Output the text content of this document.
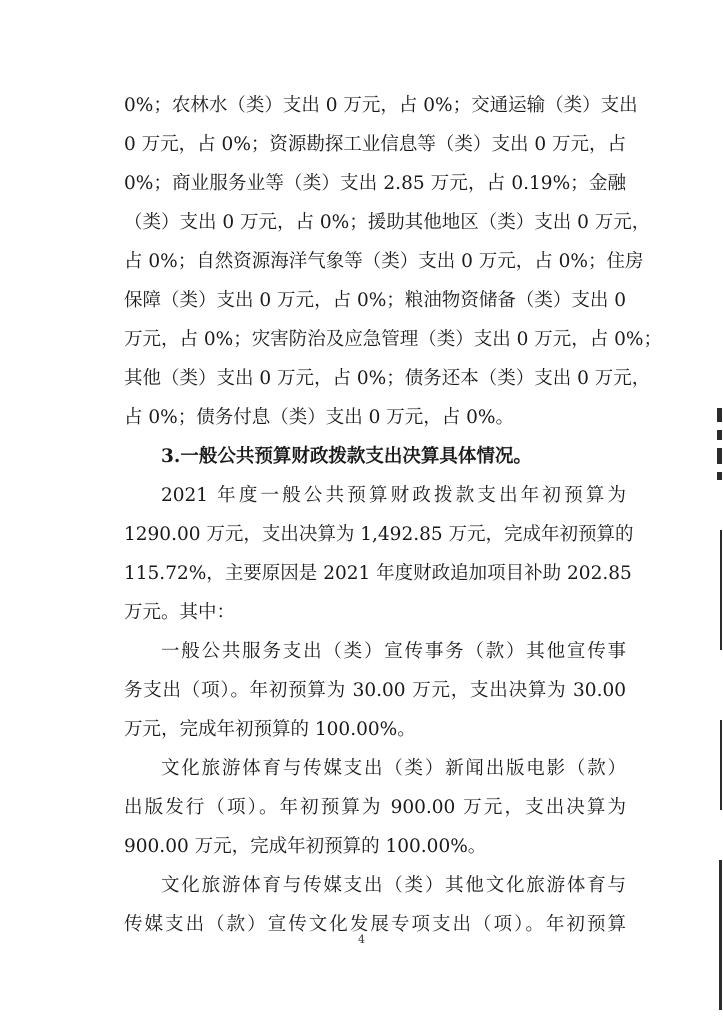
0%；农林水（类）支出 0 万元，占 0%；交通运输（类）支出
0 万元，占 0%；资源勘探工业信息等（类）支出 0 万元，占
0%；商业服务业等（类）支出 2.85 万元，占 0.19%；金融
（类）支出 0 万元，占 0%；援助其他地区（类）支出 0 万元，
占 0%；自然资源海洋气象等（类）支出 0 万元，占 0%；住房
保障（类）支出 0 万元，占 0%；粮油物资储备（类）支出 0
万元，占 0%；灾害防治及应急管理（类）支出 0 万元，占 0%；
其他（类）支出 0 万元，占 0%；债务还本（类）支出 0 万元，
占 0%；债务付息（类）支出 0 万元，占 0%。
3.一般公共预算财政拨款支出决算具体情况。
2021 年度一般公共预算财政拨款支出年初预算为
1290.00 万元，支出决算为 1,492.85 万元，完成年初预算的
115.72%，主要原因是 2021 年度财政追加项目补助 202.85
万元。其中：
一般公共服务支出（类）宣传事务（款）其他宣传事
务支出（项）。年初预算为 30.00 万元，支出决算为 30.00
万元，完成年初预算的 100.00%。
文化旅游体育与传媒支出（类）新闻出版电影（款）
出版发行（项）。年初预算为 900.00 万元，支出决算为
900.00 万元，完成年初预算的 100.00%。
文化旅游体育与传媒支出（类）其他文化旅游体育与
传媒支出（款）宣传文化发展专项支出（项）。年初预算
4
